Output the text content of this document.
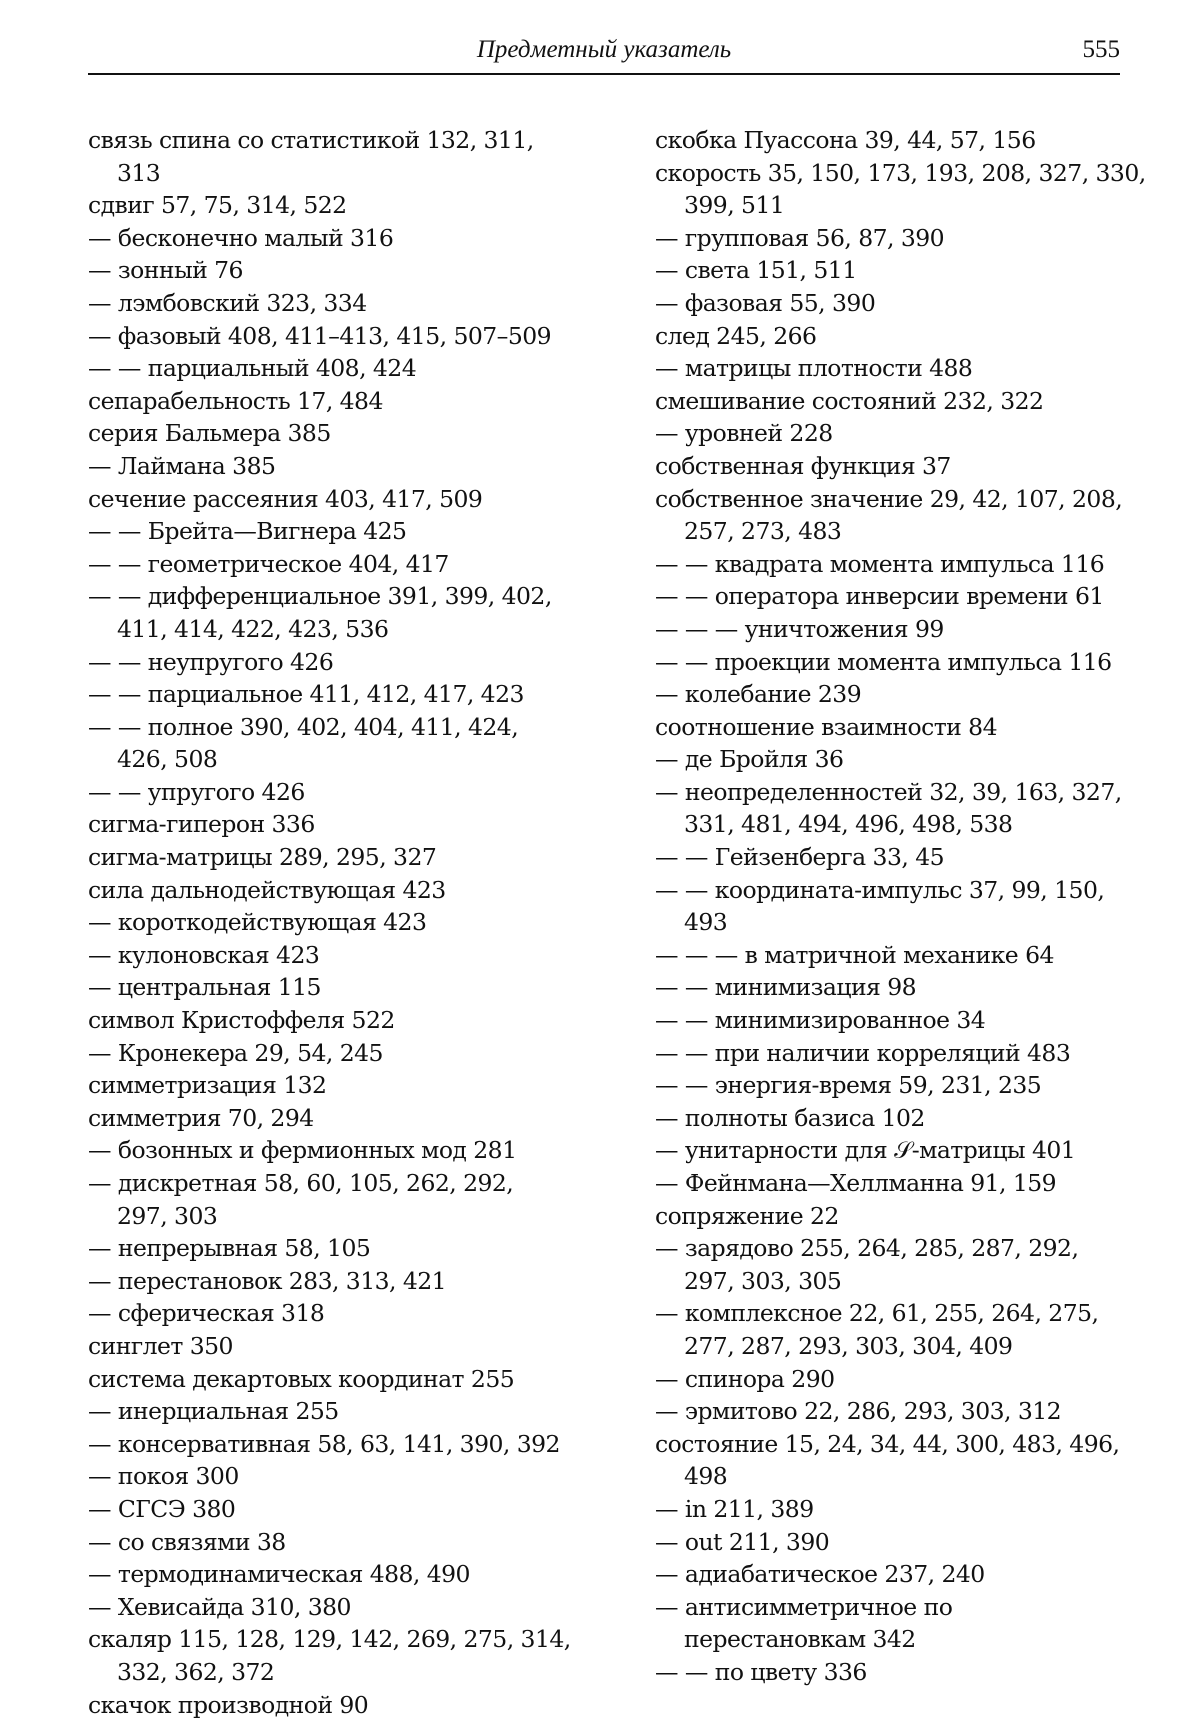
Предметный указатель	555
связь спина со статистикой 132, 311,
313
сдвиг 57, 75, 314, 522
— бесконечно малый 316
— зонный 76
— лэмбовский 323, 334
— фазовый 408, 411–413, 415, 507–509
— — парциальный 408, 424
сепарабельность 17, 484
серия Бальмера 385
— Лаймана 385
сечение рассеяния 403, 417, 509
— — Брейта—Вигнера 425
— — геометрическое 404, 417
— — дифференциальное 391, 399, 402,
411, 414, 422, 423, 536
— — неупругого 426
— — парциальное 411, 412, 417, 423
— — полное 390, 402, 404, 411, 424,
426, 508
— — упругого 426
сигма-гиперон 336
сигма-матрицы 289, 295, 327
сила дальнодействующая 423
— короткодействующая 423
— кулоновская 423
— центральная 115
символ Кристоффеля 522
— Кронекера 29, 54, 245
симметризация 132
симметрия 70, 294
— бозонных и фермионных мод 281
— дискретная 58, 60, 105, 262, 292,
297, 303
— непрерывная 58, 105
— перестановок 283, 313, 421
— сферическая 318
синглет 350
система декартовых координат 255
— инерциальная 255
— консервативная 58, 63, 141, 390, 392
— покоя 300
— СГСЭ 380
— со связями 38
— термодинамическая 488, 490
— Хевисайда 310, 380
скаляр 115, 128, 129, 142, 269, 275, 314,
332, 362, 372
скачок производной 90
скобка Пуассона 39, 44, 57, 156
скорость 35, 150, 173, 193, 208, 327, 330,
399, 511
— групповая 56, 87, 390
— света 151, 511
— фазовая 55, 390
след 245, 266
— матрицы плотности 488
смешивание состояний 232, 322
— уровней 228
собственная функция 37
собственное значение 29, 42, 107, 208,
257, 273, 483
— — квадрата момента импульса 116
— — оператора инверсии времени 61
— — — уничтожения 99
— — проекции момента импульса 116
— колебание 239
соотношение взаимности 84
— де Бройля 36
— неопределенностей 32, 39, 163, 327,
331, 481, 494, 496, 498, 538
— — Гейзенберга 33, 45
— — координата-импульс 37, 99, 150,
493
— — — в матричной механике 64
— — минимизация 98
— — минимизированное 34
— — при наличии корреляций 483
— — энергия-время 59, 231, 235
— полноты базиса 102
— унитарности для 𝒮-матрицы 401
— Фейнмана—Хеллманна 91, 159
сопряжение 22
— зарядово 255, 264, 285, 287, 292,
297, 303, 305
— комплексное 22, 61, 255, 264, 275,
277, 287, 293, 303, 304, 409
— спинора 290
— эрмитово 22, 286, 293, 303, 312
состояние 15, 24, 34, 44, 300, 483, 496,
498
— in 211, 389
— out 211, 390
— адиабатическое 237, 240
— антисимметричное по
перестановкам 342
— — по цвету 336
